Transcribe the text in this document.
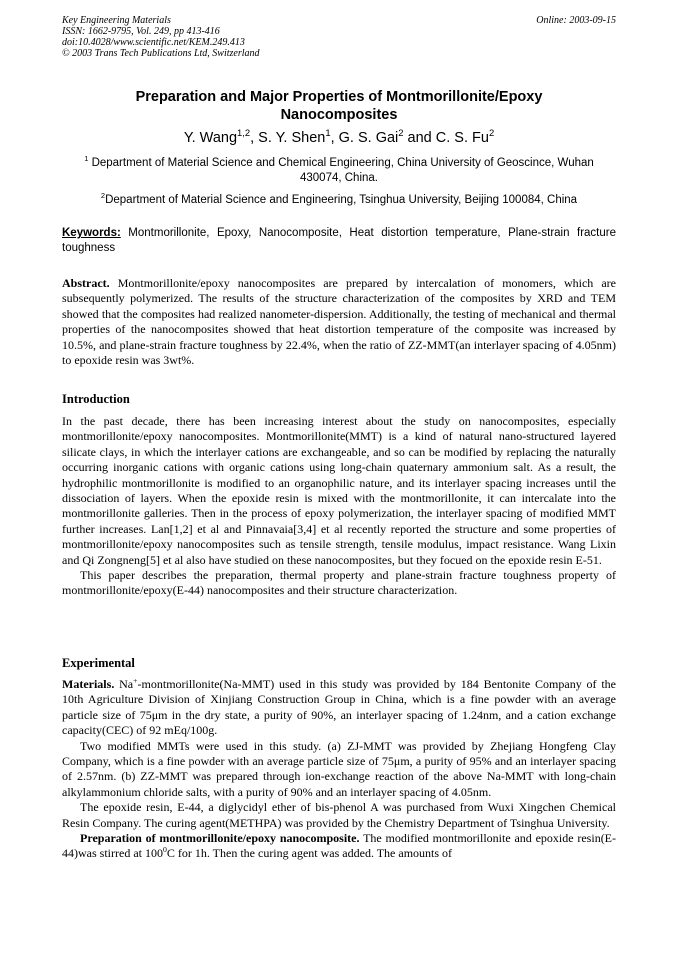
Key Engineering Materials
ISSN: 1662-9795, Vol. 249, pp 413-416
doi:10.4028/www.scientific.net/KEM.249.413
© 2003 Trans Tech Publications Ltd, Switzerland
Online: 2003-09-15
Preparation and Major Properties of Montmorillonite/Epoxy
Nanocomposites
Y. Wang$^{1,2}$, S. Y. Shen$^1$, G. S. Gai$^2$ and C. S. Fu$^2$
$^1$ Department of Material Science and Chemical Engineering, China University of Geoscince, Wuhan 430074, China.
$^2$Department of Material Science and Engineering, Tsinghua University, Beijing 100084, China
Keywords: Montmorillonite, Epoxy, Nanocomposite, Heat distortion temperature, Plane-strain fracture toughness

Abstract. Montmorillonite/epoxy nanocomposites are prepared by intercalation of monomers, which are subsequently polymerized. The results of the structure characterization of the composites by XRD and TEM showed that the composites had realized nanometer-dispersion. Additionally, the testing of mechanical and thermal properties of the nanocomposites showed that heat distortion temperature of the composite was increased by 10.5%, and plane-strain fracture toughness by 22.4%, when the ratio of ZZ-MMT(an interlayer spacing of 4.05nm) to epoxide resin was 3wt%.

Introduction

In the past decade, there has been increasing interest about the study on nanocomposites, especially montmorillonite/epoxy nanocomposites. Montmorillonite(MMT) is a kind of natural nano-structured layered silicate clays, in which the interlayer cations are exchangeable, and so can be modified by replacing the naturally occurring inorganic cations with organic cations using long-chain quaternary ammonium salt. As a result, the hydrophilic montmorillonite is modified to an organophilic nature, and its interlayer spacing increases until the dissociation of layers. When the epoxide resin is mixed with the montmorillonite, it can intercalate into the montmorillonite galleries. Then in the process of epoxy polymerization, the interlayer spacing of modified MMT further increases. Lan[1,2] et al and Pinnavaia[3,4] et al recently reported the structure and some properties of montmorillonite/epoxy nanocomposites such as tensile strength, tensile modulus, impact resistance. Wang Lixin and Qi Zongneng[5] et al also have studied on these nanocomposites, but they focued on the epoxide resin E-51.

This paper describes the preparation, thermal property and plane-strain fracture toughness property of montmorillonite/epoxy(E-44) nanocomposites and their structure characterization.

Experimental

Materials. Na+-montmorillonite(Na-MMT) used in this study was provided by 184 Bentonite Company of the 10th Agriculture Division of Xinjiang Construction Group in China, which is a fine powder with an average particle size of 75μm in the dry state, a purity of 90%, an interlayer spacing of 1.24nm, and a cation exchange capacity(CEC) of 92 mEq/100g.

Two modified MMTs were used in this study. (a) ZJ-MMT was provided by Zhejiang Hongfeng Clay Company, which is a fine powder with an average particle size of 75μm, a purity of 95% and an interlayer spacing of 2.57nm. (b) ZZ-MMT was prepared through ion-exchange reaction of the above Na-MMT with long-chain alkylammonium chloride salts, with a purity of 90% and an interlayer spacing of 4.05nm.

The epoxide resin, E-44, a diglycidyl ether of bis-phenol A was purchased from Wuxi Xingchen Chemical Resin Company. The curing agent(METHPA) was provided by the Chemistry Department of Tsinghua University.

Preparation of montmorillonite/epoxy nanocomposite. The modified montmorillonite and epoxide resin(E-44)was stirred at $100^0C$ for 1h. Then the curing agent was added. The amounts of
